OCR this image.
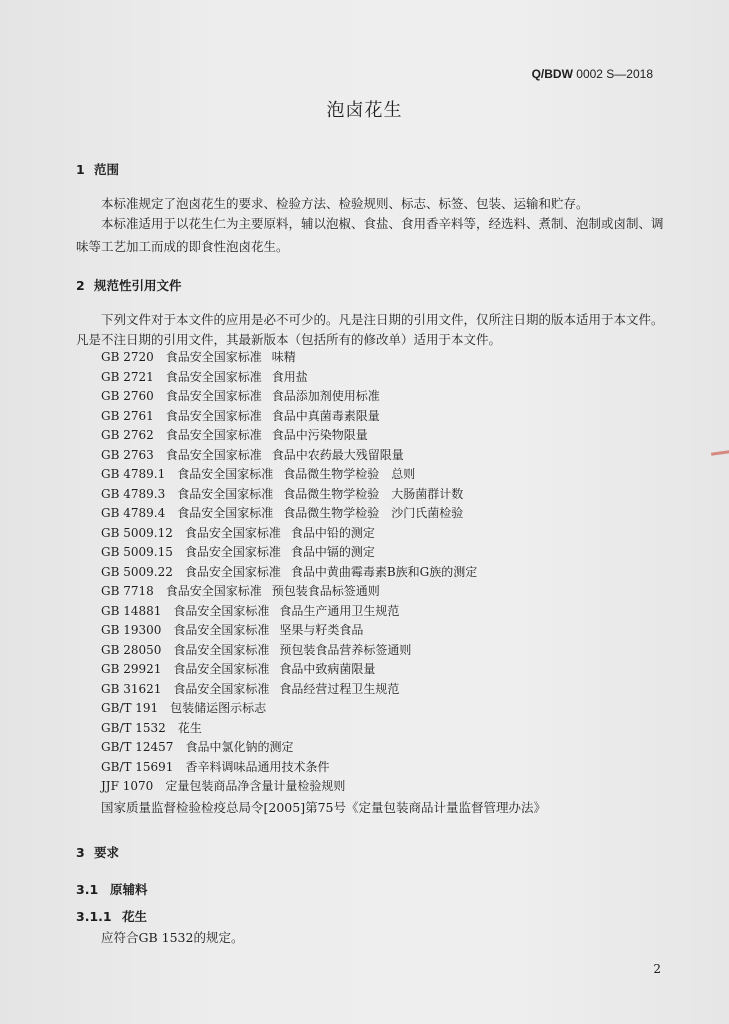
Q/BDW 0002 S—2018
泡卤花生
1 范围
本标准规定了泡卤花生的要求、检验方法、检验规则、标志、标签、包装、运输和贮存。
本标准适用于以花生仁为主要原料，辅以泡椒、食盐、食用香辛料等，经选料、煮制、泡制或卤制、调味等工艺加工而成的即食性泡卤花生。
2 规范性引用文件
下列文件对于本文件的应用是必不可少的。凡是注日期的引用文件，仅所注日期的版本适用于本文件。凡是不注日期的引用文件，其最新版本（包括所有的修改单）适用于本文件。
GB 2720 食品安全国家标准 味精
GB 2721 食品安全国家标准 食用盐
GB 2760 食品安全国家标准 食品添加剂使用标准
GB 2761 食品安全国家标准 食品中真菌毒素限量
GB 2762 食品安全国家标准 食品中污染物限量
GB 2763 食品安全国家标准 食品中农药最大残留限量
GB 4789.1 食品安全国家标准 食品微生物学检验　总则
GB 4789.3 食品安全国家标准 食品微生物学检验　大肠菌群计数
GB 4789.4 食品安全国家标准 食品微生物学检验　沙门氏菌检验
GB 5009.12 食品安全国家标准 食品中铅的测定
GB 5009.15 食品安全国家标准 食品中镉的测定
GB 5009.22 食品安全国家标准 食品中黄曲霉毒素B族和G族的测定
GB 7718 食品安全国家标准 预包装食品标签通则
GB 14881 食品安全国家标准 食品生产通用卫生规范
GB 19300 食品安全国家标准 坚果与籽类食品
GB 28050 食品安全国家标准 预包装食品营养标签通则
GB 29921 食品安全国家标准 食品中致病菌限量
GB 31621 食品安全国家标准 食品经营过程卫生规范
GB/T 191 包装储运图示标志
GB/T 1532 花生
GB/T 12457 食品中氯化钠的测定
GB/T 15691 香辛料调味品通用技术条件
JJF 1070 定量包装商品净含量计量检验规则
国家质量监督检验检疫总局令[2005]第75号《定量包装商品计量监督管理办法》
3 要求
3.1 原辅料
3.1.1 花生
应符合GB 1532的规定。
2
